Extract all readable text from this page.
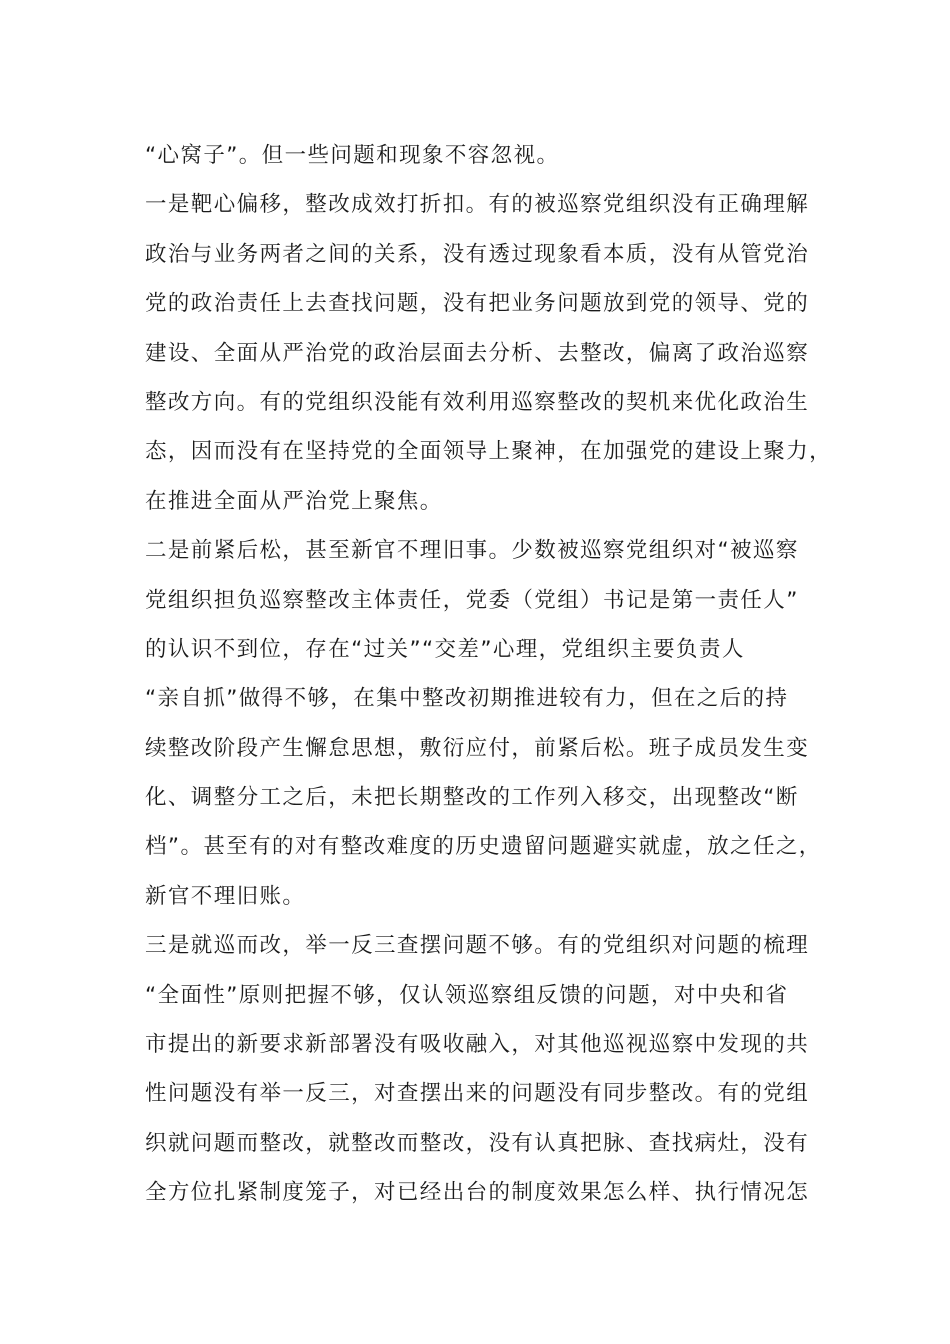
“心窝子”。但一些问题和现象不容忽视。
一是靶心偏移，整改成效打折扣。有的被巡察党组织没有正确理解
政治与业务两者之间的关系，没有透过现象看本质，没有从管党治
党的政治责任上去查找问题，没有把业务问题放到党的领导、党的
建设、全面从严治党的政治层面去分析、去整改，偏离了政治巡察
整改方向。有的党组织没能有效利用巡察整改的契机来优化政治生
态，因而没有在坚持党的全面领导上聚神，在加强党的建设上聚力，
在推进全面从严治党上聚焦。
二是前紧后松，甚至新官不理旧事。少数被巡察党组织对“被巡察
党组织担负巡察整改主体责任，党委（党组）书记是第一责任人”
的认识不到位，存在“过关”“交差”心理，党组织主要负责人
“亲自抓”做得不够，在集中整改初期推进较有力，但在之后的持
续整改阶段产生懈怠思想，敷衍应付，前紧后松。班子成员发生变
化、调整分工之后，未把长期整改的工作列入移交，出现整改“断
档”。甚至有的对有整改难度的历史遗留问题避实就虚，放之任之，
新官不理旧账。
三是就巡而改，举一反三查摆问题不够。有的党组织对问题的梳理
“全面性”原则把握不够，仅认领巡察组反馈的问题，对中央和省
市提出的新要求新部署没有吸收融入，对其他巡视巡察中发现的共
性问题没有举一反三，对查摆出来的问题没有同步整改。有的党组
织就问题而整改，就整改而整改，没有认真把脉、查找病灶，没有
全方位扎紧制度笼子，对已经出台的制度效果怎么样、执行情况怎
